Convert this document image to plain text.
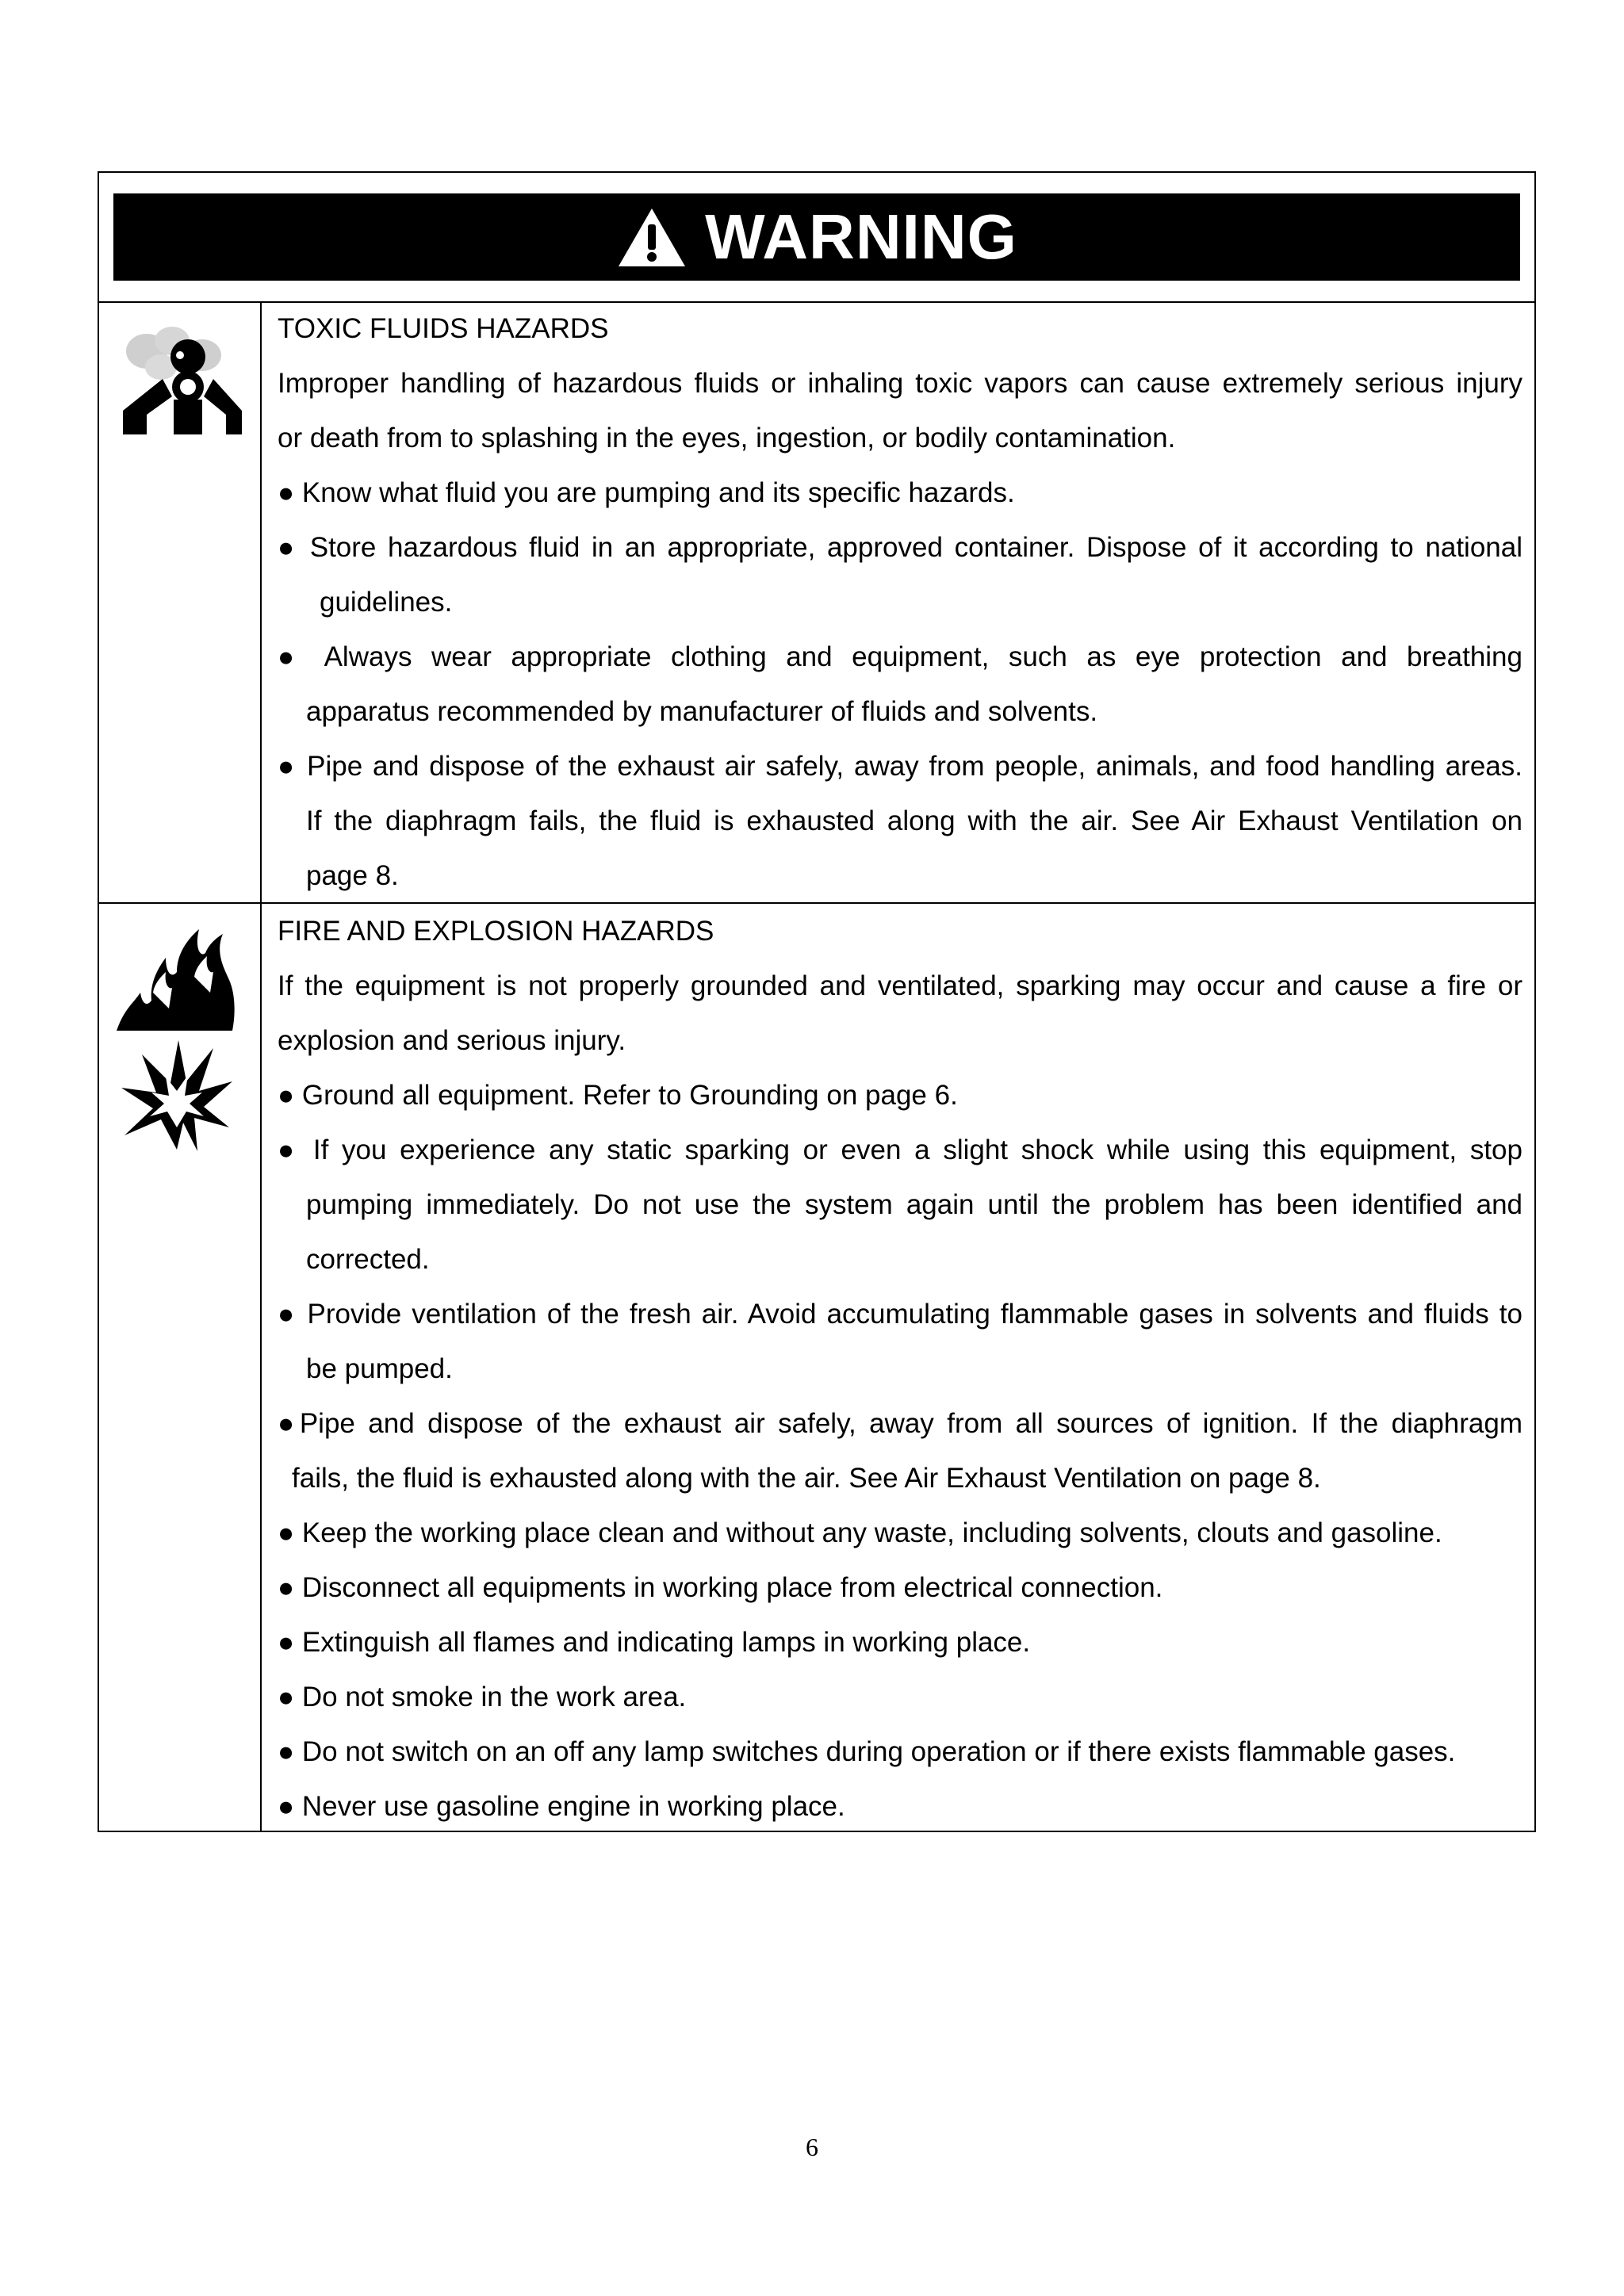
WARNING
TOXIC FLUIDS HAZARDS
Improper handling of hazardous fluids or inhaling toxic vapors can cause extremely serious injury
or death from to splashing in the eyes, ingestion, or bodily contamination.
● Know what fluid you are pumping and its specific hazards.
● Store hazardous fluid in an appropriate, approved container. Dispose of it according to national
guidelines.
● Always wear appropriate clothing and equipment, such as eye protection and breathing
apparatus recommended by manufacturer of fluids and solvents.
● Pipe and dispose of the exhaust air safely, away from people, animals, and food handling areas.
If the diaphragm fails, the fluid is exhausted along with the air. See Air Exhaust Ventilation on
page 8.
FIRE AND EXPLOSION HAZARDS
If the equipment is not properly grounded and ventilated, sparking may occur and cause a fire or
explosion and serious injury.
● Ground all equipment. Refer to Grounding on page 6.
● If you experience any static sparking or even a slight shock while using this equipment, stop
pumping immediately. Do not use the system again until the problem has been identified and
corrected.
● Provide ventilation of the fresh air. Avoid accumulating flammable gases in solvents and fluids to
be pumped.
●Pipe and dispose of the exhaust air safely, away from all sources of ignition. If the diaphragm
fails, the fluid is exhausted along with the air. See Air Exhaust Ventilation on page 8.
● Keep the working place clean and without any waste, including solvents, clouts and gasoline.
● Disconnect all equipments in working place from electrical connection.
● Extinguish all flames and indicating lamps in working place.
● Do not smoke in the work area.
● Do not switch on an off any lamp switches during operation or if there exists flammable gases.
● Never use gasoline engine in working place.
6
